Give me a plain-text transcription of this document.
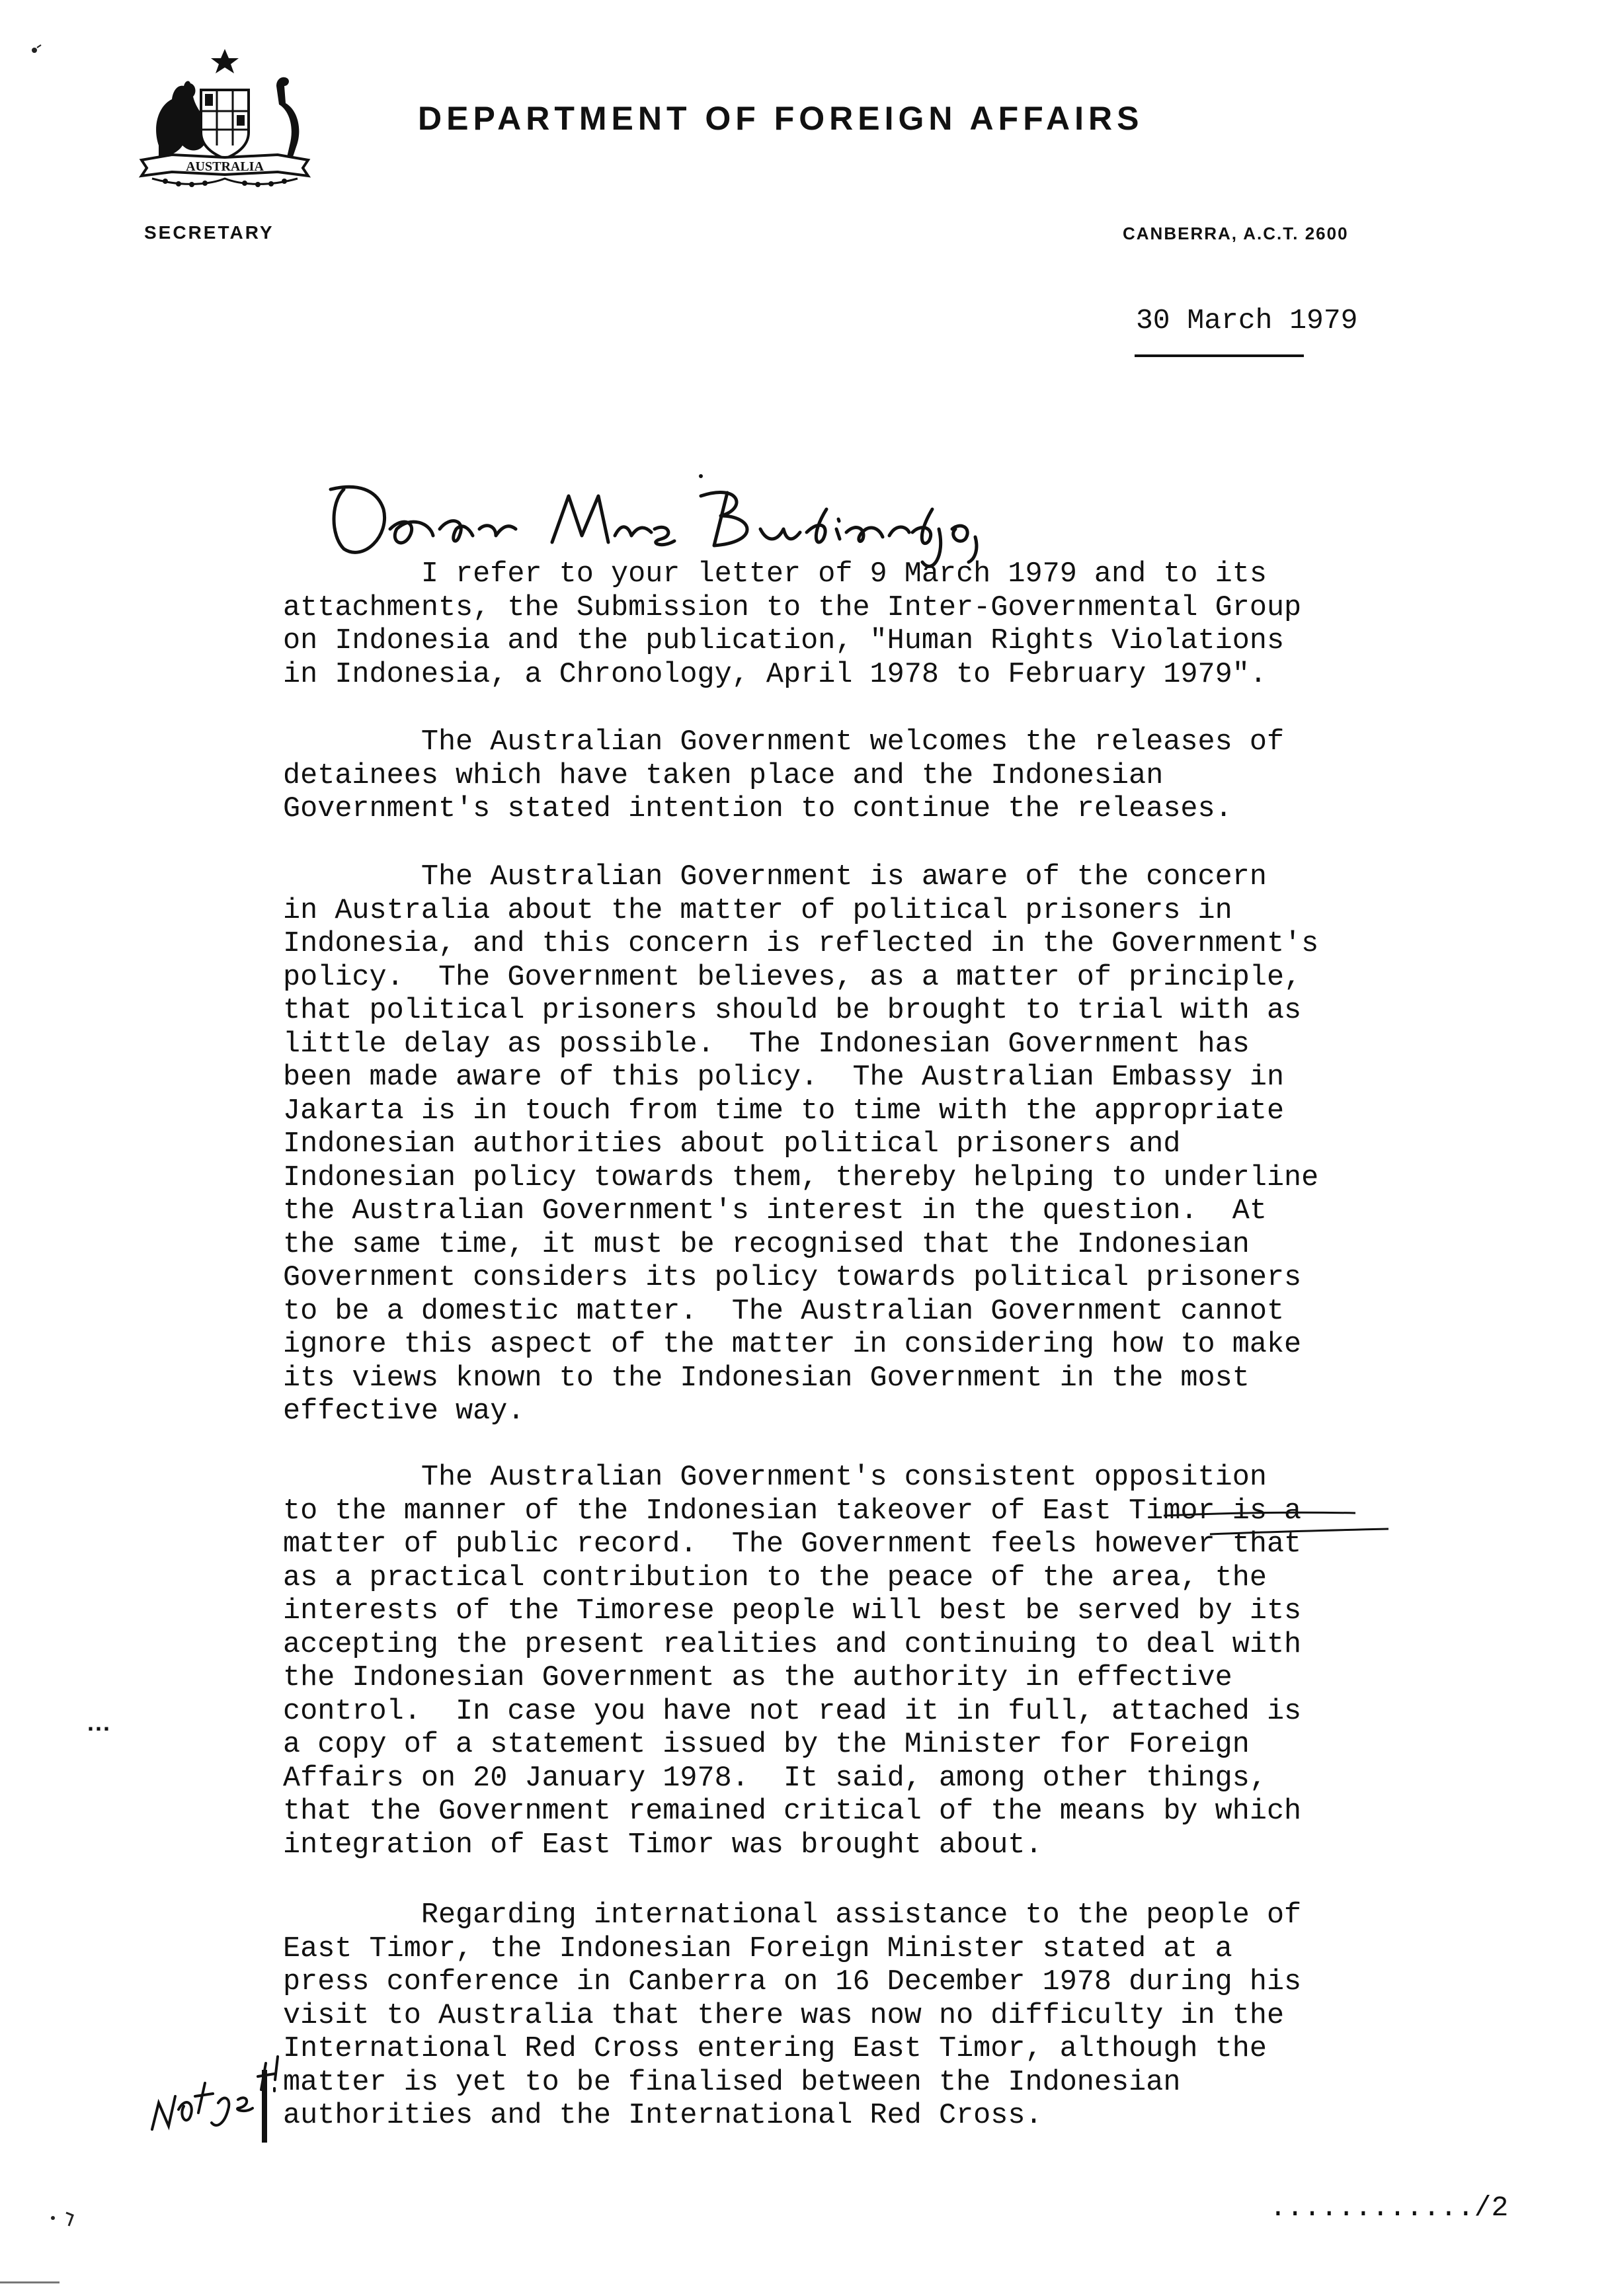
AUSTRALIA
DEPARTMENT OF FOREIGN AFFAIRS
SECRETARY	CANBERRA, A.C.T. 2600
30 March 1979

I refer to your letter of 9 March 1979 and to its
attachments, the Submission to the Inter-Governmental Group
on Indonesia and the publication, "Human Rights Violations
in Indonesia, a Chronology, April 1978 to February 1979".

The Australian Government welcomes the releases of
detainees which have taken place and the Indonesian
Government's stated intention to continue the releases.

The Australian Government is aware of the concern
in Australia about the matter of political prisoners in
Indonesia, and this concern is reflected in the Government's
policy.  The Government believes, as a matter of principle,
that political prisoners should be brought to trial with as
little delay as possible.  The Indonesian Government has
been made aware of this policy.  The Australian Embassy in
Jakarta is in touch from time to time with the appropriate
Indonesian authorities about political prisoners and
Indonesian policy towards them, thereby helping to underline
the Australian Government's interest in the question.  At
the same time, it must be recognised that the Indonesian
Government considers its policy towards political prisoners
to be a domestic matter.  The Australian Government cannot
ignore this aspect of the matter in considering how to make
its views known to the Indonesian Government in the most
effective way.

The Australian Government's consistent opposition
to the manner of the Indonesian takeover of East Timor is a
matter of public record.  The Government feels however that
as a practical contribution to the peace of the area, the
interests of the Timorese people will best be served by its
accepting the present realities and continuing to deal with
the Indonesian Government as the authority in effective
control.  In case you have not read it in full, attached is
a copy of a statement issued by the Minister for Foreign
Affairs on 20 January 1978.  It said, among other things,
that the Government remained critical of the means by which
integration of East Timor was brought about.

...

Regarding international assistance to the people of
East Timor, the Indonesian Foreign Minister stated at a
press conference in Canberra on 16 December 1978 during his
visit to Australia that there was now no difficulty in the
International Red Cross entering East Timor, although the
matter is yet to be finalised between the Indonesian
authorities and the International Red Cross.

............/2
